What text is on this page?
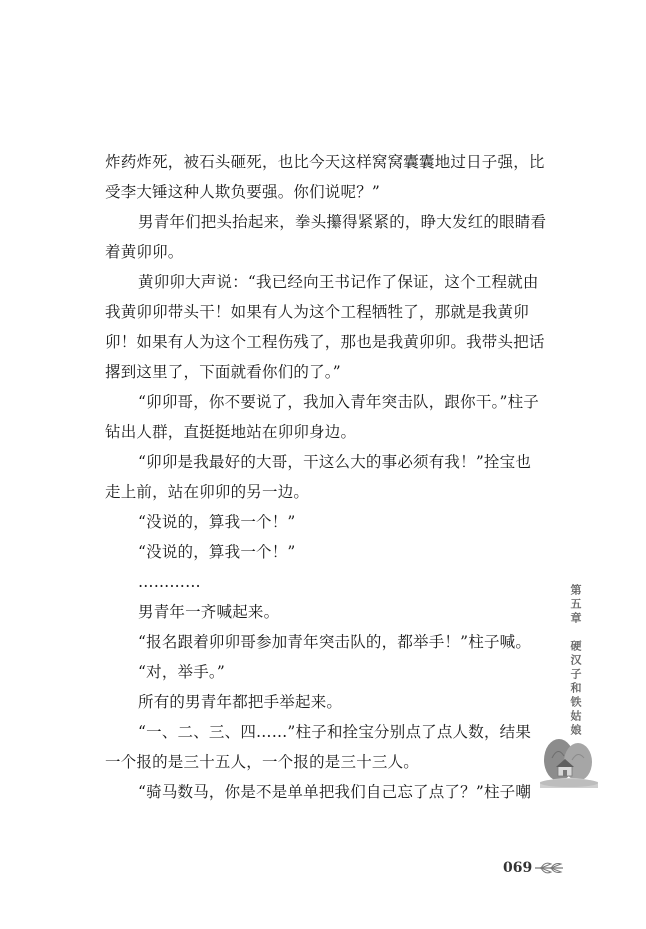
炸药炸死，被石头砸死，也比今天这样窝窝囊囊地过日子强，比
受李大锤这种人欺负要强。你们说呢？”
男青年们把头抬起来，拳头攥得紧紧的，睁大发红的眼睛看
着黄卯卯。
黄卯卯大声说：“我已经向王书记作了保证，这个工程就由
我黄卯卯带头干！如果有人为这个工程牺牲了，那就是我黄卯
卯！如果有人为这个工程伤残了，那也是我黄卯卯。我带头把话
撂到这里了，下面就看你们的了。”
“卯卯哥，你不要说了，我加入青年突击队，跟你干。”柱子
钻出人群，直挺挺地站在卯卯身边。
“卯卯是我最好的大哥，干这么大的事必须有我！”拴宝也
走上前，站在卯卯的另一边。
“没说的，算我一个！”
“没说的，算我一个！”
…………
男青年一齐喊起来。
“报名跟着卯卯哥参加青年突击队的，都举手！”柱子喊。
“对，举手。”
所有的男青年都把手举起来。
“一、二、三、四……”柱子和拴宝分别点了点人数，结果
一个报的是三十五人，一个报的是三十三人。
“骑马数马，你是不是单单把我们自己忘了点了？”柱子嘲
第五章
硬汉子和铁姑娘
069
